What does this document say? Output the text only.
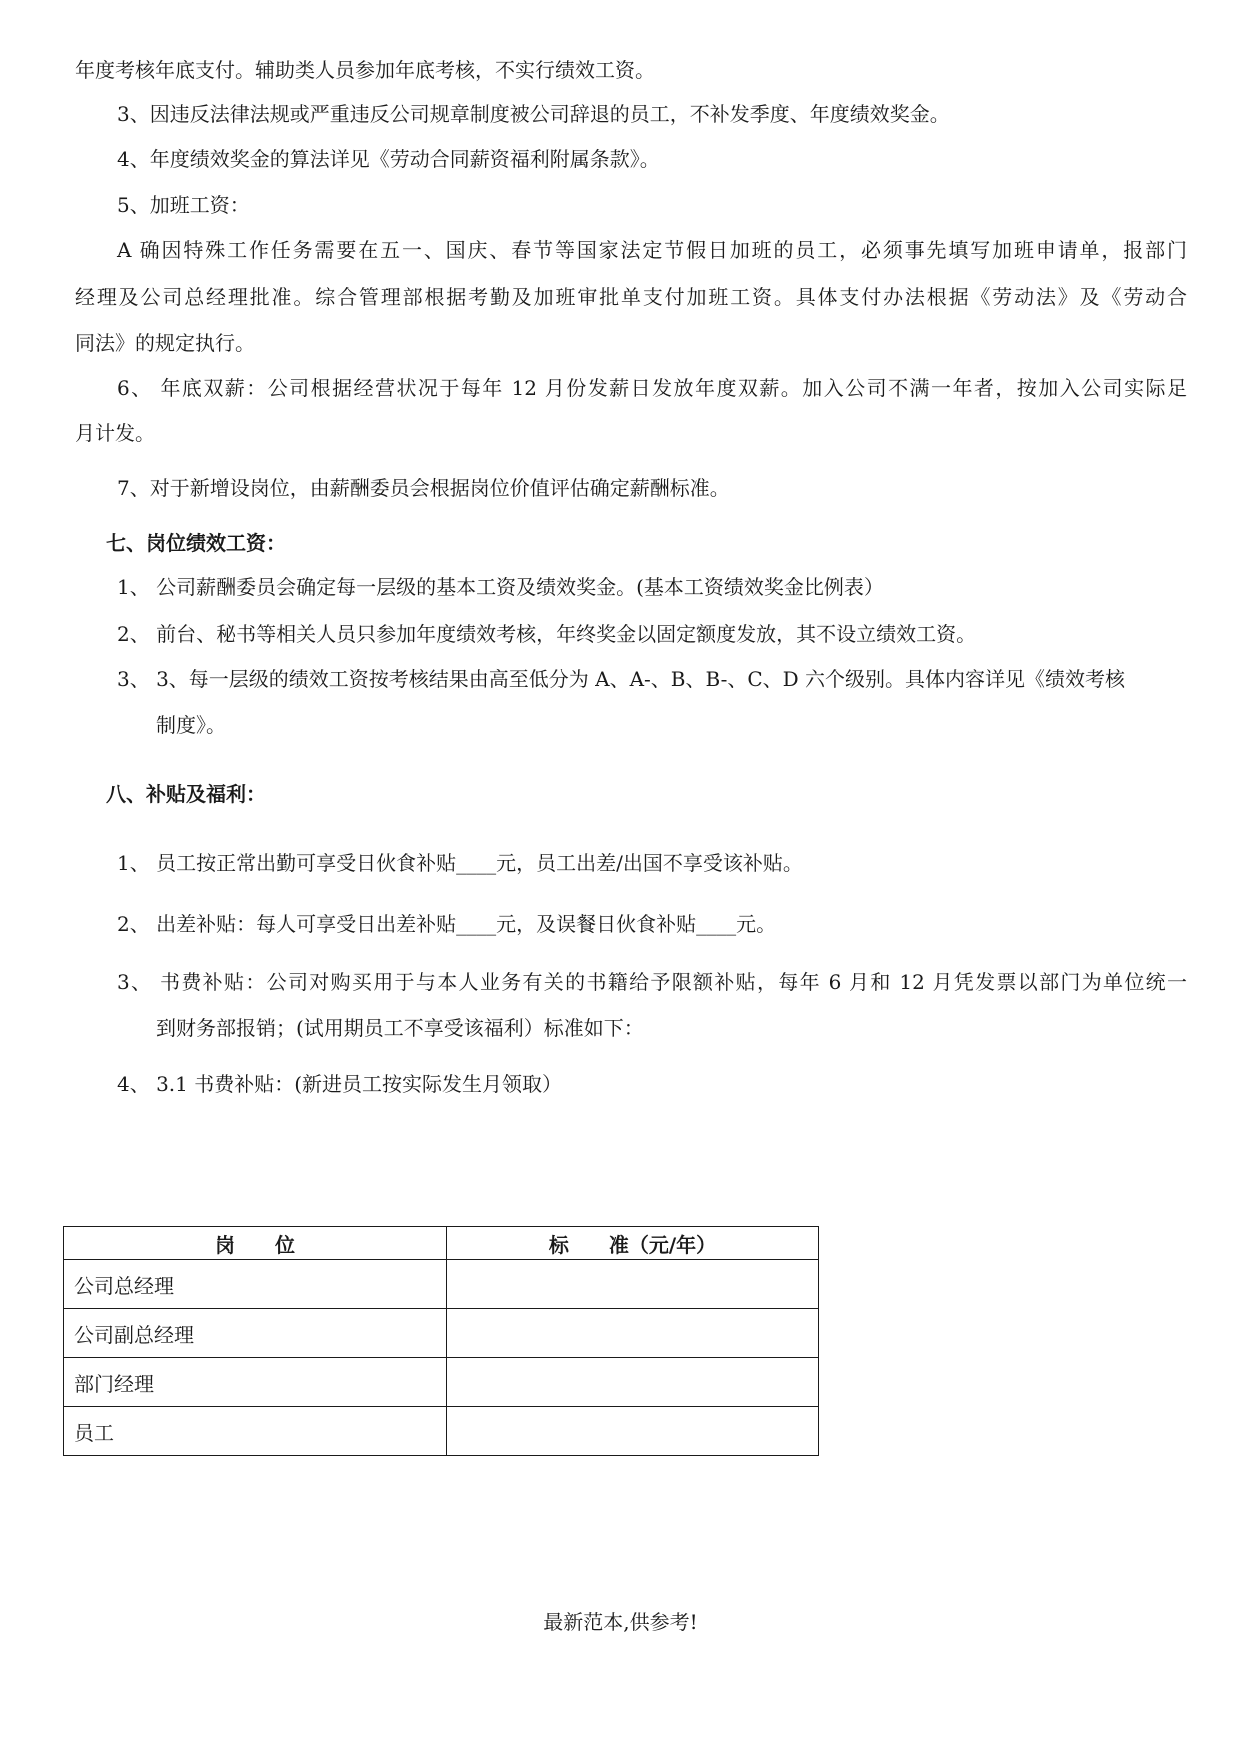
年度考核年底支付。辅助类人员参加年底考核，不实行绩效工资。
3、因违反法律法规或严重违反公司规章制度被公司辞退的员工，不补发季度、年度绩效奖金。
4、年度绩效奖金的算法详见《劳动合同薪资福利附属条款》。
5、加班工资：
A 确因特殊工作任务需要在五一、国庆、春节等国家法定节假日加班的员工，必须事先填写加班申请单，报部门
经理及公司总经理批准。综合管理部根据考勤及加班审批单支付加班工资。具体支付办法根据《劳动法》及《劳动合
同法》的规定执行。
6、 年底双薪：公司根据经营状况于每年 12 月份发薪日发放年度双薪。加入公司不满一年者，按加入公司实际足
月计发。
7、对于新增设岗位，由薪酬委员会根据岗位价值评估确定薪酬标准。
七、岗位绩效工资：
1、 公司薪酬委员会确定每一层级的基本工资及绩效奖金。(基本工资绩效奖金比例表）
2、 前台、秘书等相关人员只参加年度绩效考核，年终奖金以固定额度发放，其不设立绩效工资。
3、 3、每一层级的绩效工资按考核结果由高至低分为 A、A-、B、B-、C、D 六个级别。具体内容详见《绩效考核
制度》。
八、补贴及福利：
1、 员工按正常出勤可享受日伙食补贴____元，员工出差/出国不享受该补贴。
2、 出差补贴：每人可享受日出差补贴____元，及误餐日伙食补贴____元。
3、 书费补贴：公司对购买用于与本人业务有关的书籍给予限额补贴，每年 6 月和 12 月凭发票以部门为单位统一
到财务部报销；(试用期员工不享受该福利）标准如下：
4、 3.1 书费补贴：(新进员工按实际发生月领取）
岗　　位	标　　准（元/年）
公司总经理	
公司副总经理	
部门经理	
员工	
最新范本,供参考!
